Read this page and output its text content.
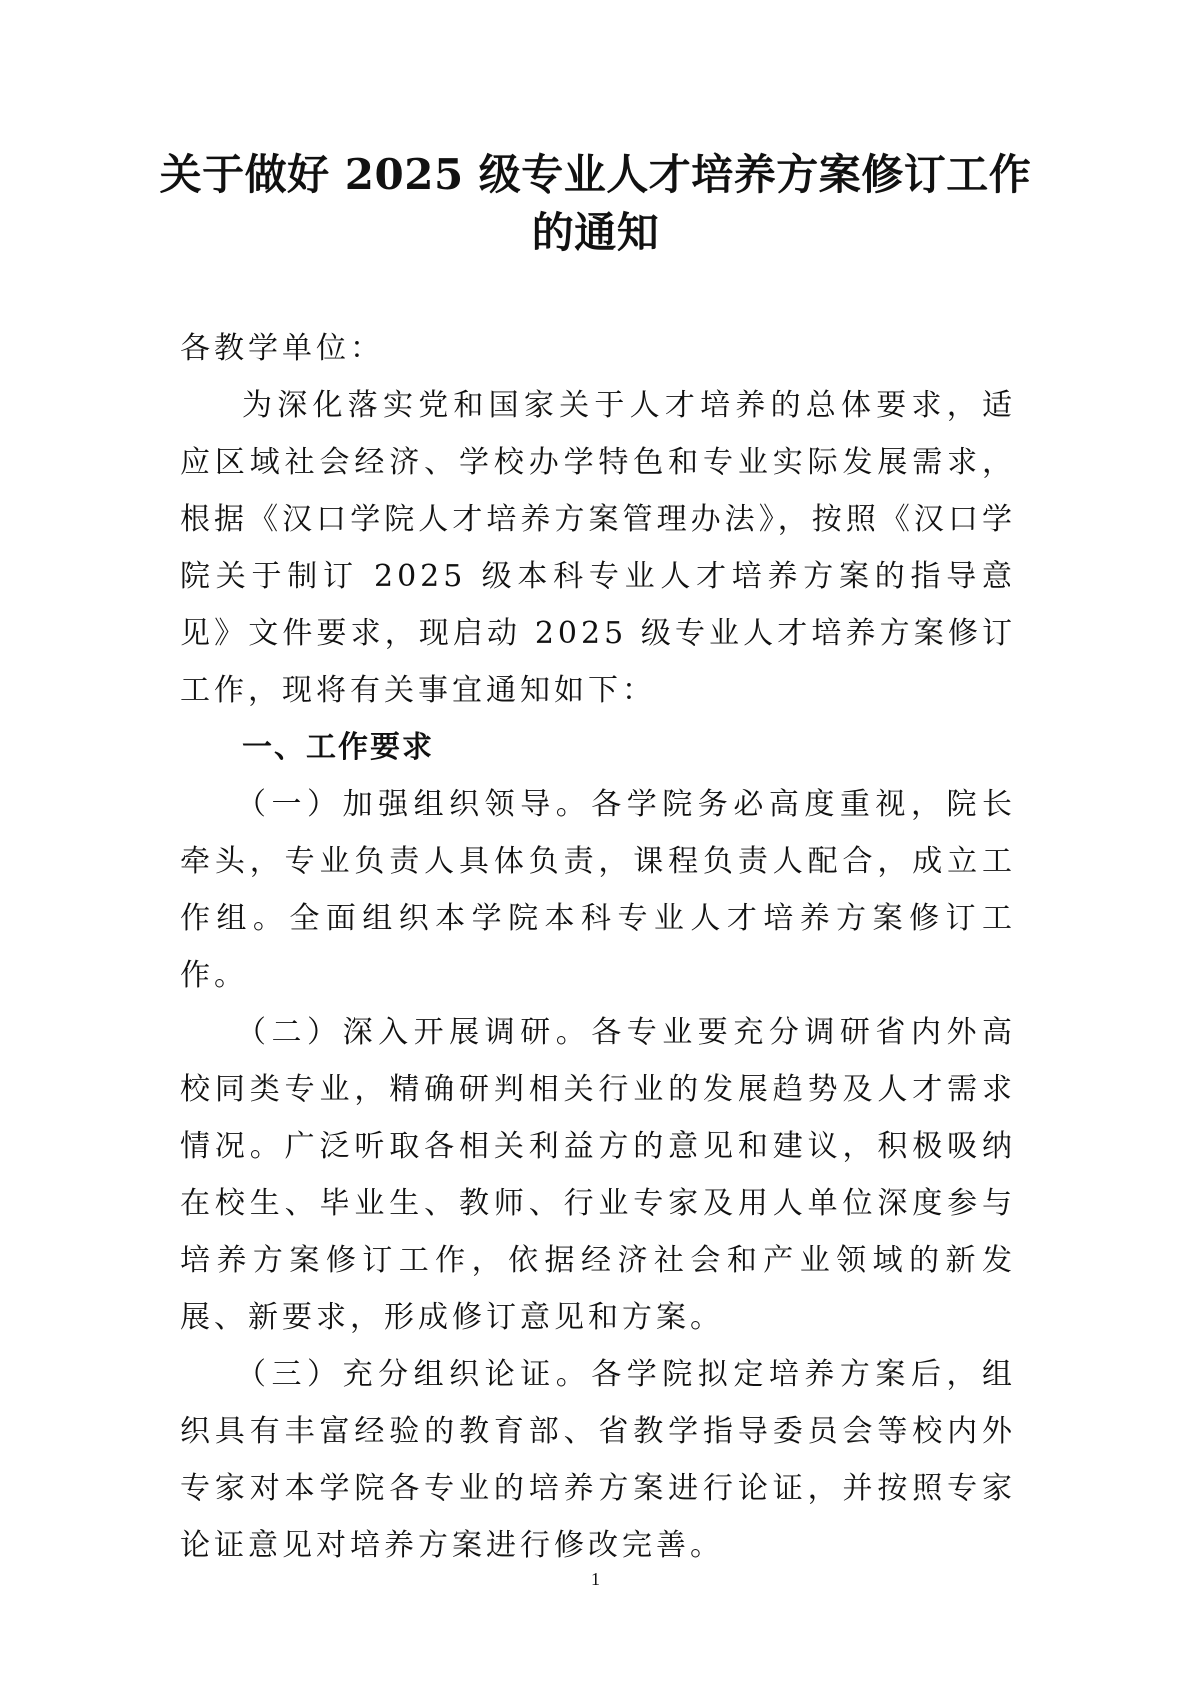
关于做好 2025 级专业人才培养方案修订工作的通知

各教学单位：

为深化落实党和国家关于人才培养的总体要求，适应区域社会经济、学校办学特色和专业实际发展需求，根据《汉口学院人才培养方案管理办法》，按照《汉口学院关于制订 2025 级本科专业人才培养方案的指导意见》文件要求，现启动 2025 级专业人才培养方案修订工作，现将有关事宜通知如下：

一、工作要求

（一）加强组织领导。各学院务必高度重视，院长牵头，专业负责人具体负责，课程负责人配合，成立工作组。全面组织本学院本科专业人才培养方案修订工作。

（二）深入开展调研。各专业要充分调研省内外高校同类专业，精确研判相关行业的发展趋势及人才需求情况。广泛听取各相关利益方的意见和建议，积极吸纳在校生、毕业生、教师、行业专家及用人单位深度参与培养方案修订工作，依据经济社会和产业领域的新发展、新要求，形成修订意见和方案。

（三）充分组织论证。各学院拟定培养方案后，组织具有丰富经验的教育部、省教学指导委员会等校内外专家对本学院各专业的培养方案进行论证，并按照专家论证意见对培养方案进行修改完善。

1
